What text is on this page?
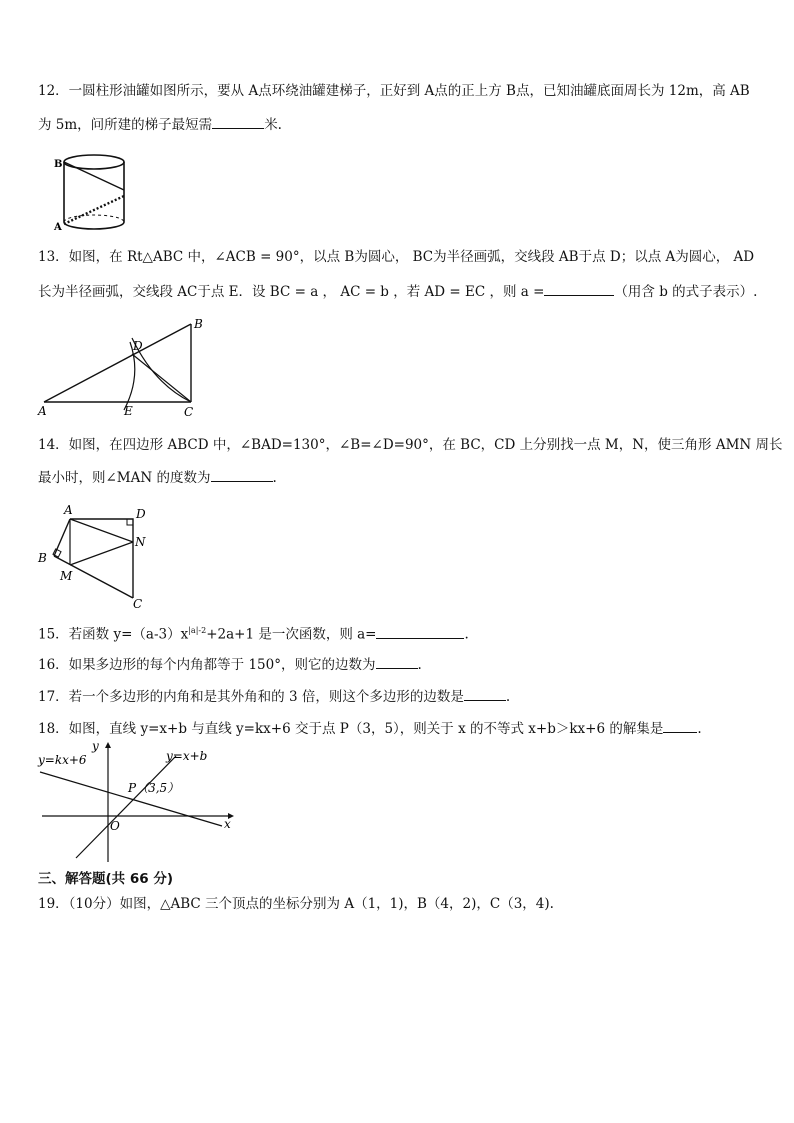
12．一圆柱形油罐如图所示，要从 A点环绕油罐建梯子，正好到 A点的正上方 B点，已知油罐底面周长为 12m，高 AB
为 5m，问所建的梯子最短需	米.
B
A
13．如图，在 Rt△ABC 中，∠ACB = 90°，以点 B为圆心， BC为半径画弧，交线段 AB于点 D；以点 A为圆心， AD
长为半径画弧，交线段 AC于点 E．设 BC = a ， AC = b ，若 AD = EC ，则 a =	（用含 b 的式子表示）.
A
B
C
D
E
14．如图，在四边形 ABCD 中，∠BAD=130°，∠B=∠D=90°，在 BC，CD 上分别找一点 M，N，使三角形 AMN 周长
最小时，则∠MAN 的度数为	.
A	D
B
N
M
C
15．若函数 $y=(a-3)x^{|a|-2}+2a+1$ 是一次函数，则 a=	.
16．如果多边形的每个内角都等于 150°，则它的边数为	.
17．若一个多边形的内角和是其外角和的 3 倍，则这个多边形的边数是	.
18．如图，直线 y=x+b 与直线 y=kx+6 交于点 P（3，5），则关于 x 的不等式 x+b＞kx+6 的解集是	.
y
x
O
y=kx+6	y=x+b
P（3,5）
三、解答题(共 66 分)
19．（10分）如图，△ABC 三个顶点的坐标分别为 A（1，1)，B（4，2)，C（3，4).
